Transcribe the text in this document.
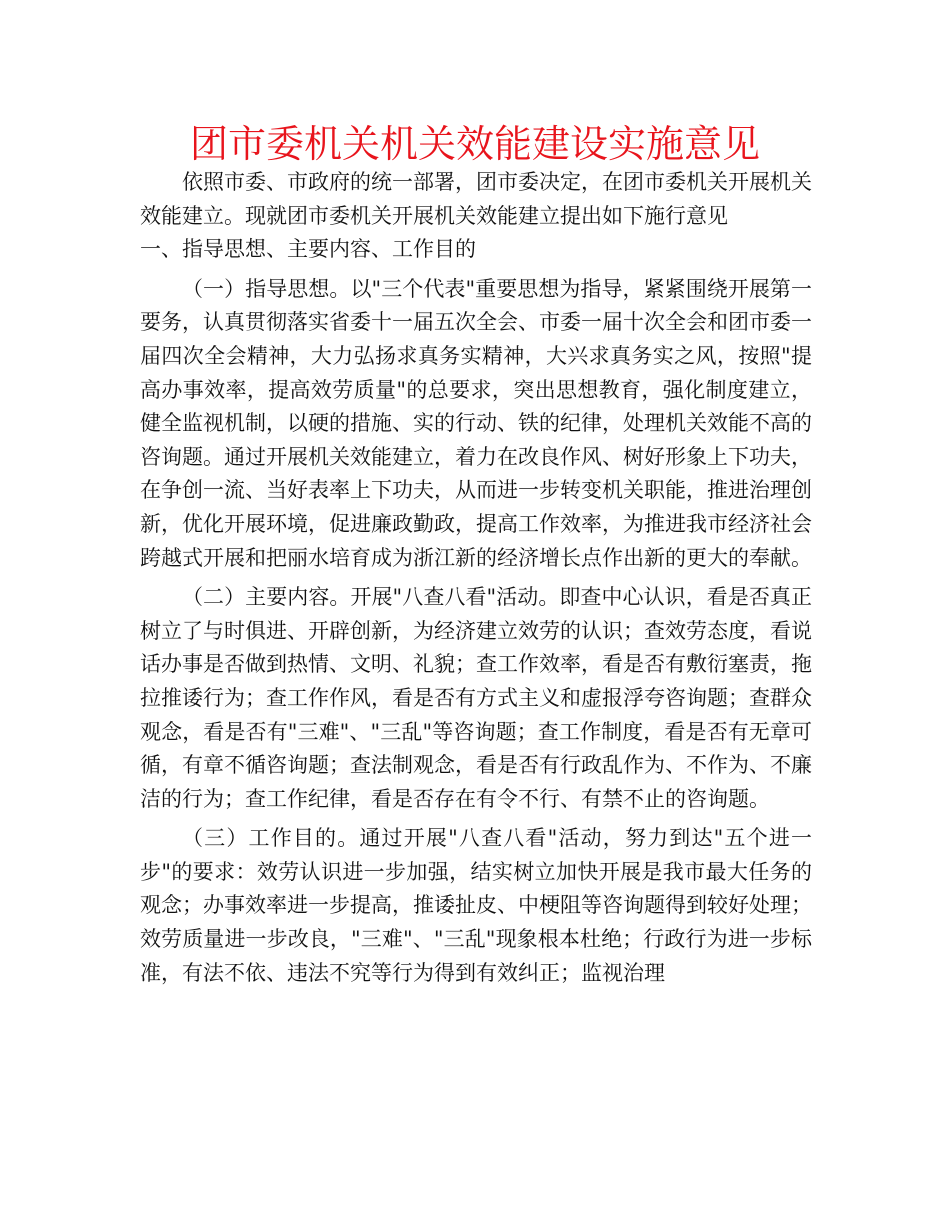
团市委机关机关效能建设实施意见

依照市委、市政府的统一部署，团市委决定，在团市委机关开展机关效能建立。现就团市委机关开展机关效能建立提出如下施行意见

一、指导思想、主要内容、工作目的

（一）指导思想。以"三个代表"重要思想为指导，紧紧围绕开展第一要务，认真贯彻落实省委十一届五次全会、市委一届十次全会和团市委一届四次全会精神，大力弘扬求真务实精神，大兴求真务实之风，按照"提高办事效率，提高效劳质量"的总要求，突出思想教育，强化制度建立，健全监视机制，以硬的措施、实的行动、铁的纪律，处理机关效能不高的咨询题。通过开展机关效能建立，着力在改良作风、树好形象上下功夫，在争创一流、当好表率上下功夫，从而进一步转变机关职能，推进治理创新，优化开展环境，促进廉政勤政，提高工作效率，为推进我市经济社会跨越式开展和把丽水培育成为浙江新的经济增长点作出新的更大的奉献。

（二）主要内容。开展"八查八看"活动。即查中心认识，看是否真正树立了与时俱进、开辟创新，为经济建立效劳的认识；查效劳态度，看说话办事是否做到热情、文明、礼貌；查工作效率，看是否有敷衍塞责，拖拉推诿行为；查工作作风，看是否有方式主义和虚报浮夸咨询题；查群众观念，看是否有"三难"、"三乱"等咨询题；查工作制度，看是否有无章可循，有章不循咨询题；查法制观念，看是否有行政乱作为、不作为、不廉洁的行为；查工作纪律，看是否存在有令不行、有禁不止的咨询题。

（三）工作目的。通过开展"八查八看"活动，努力到达"五个进一步"的要求：效劳认识进一步加强，结实树立加快开展是我市最大任务的观念；办事效率进一步提高，推诿扯皮、中梗阻等咨询题得到较好处理；效劳质量进一步改良，"三难"、"三乱"现象根本杜绝；行政行为进一步标准，有法不依、违法不究等行为得到有效纠正；监视治理
